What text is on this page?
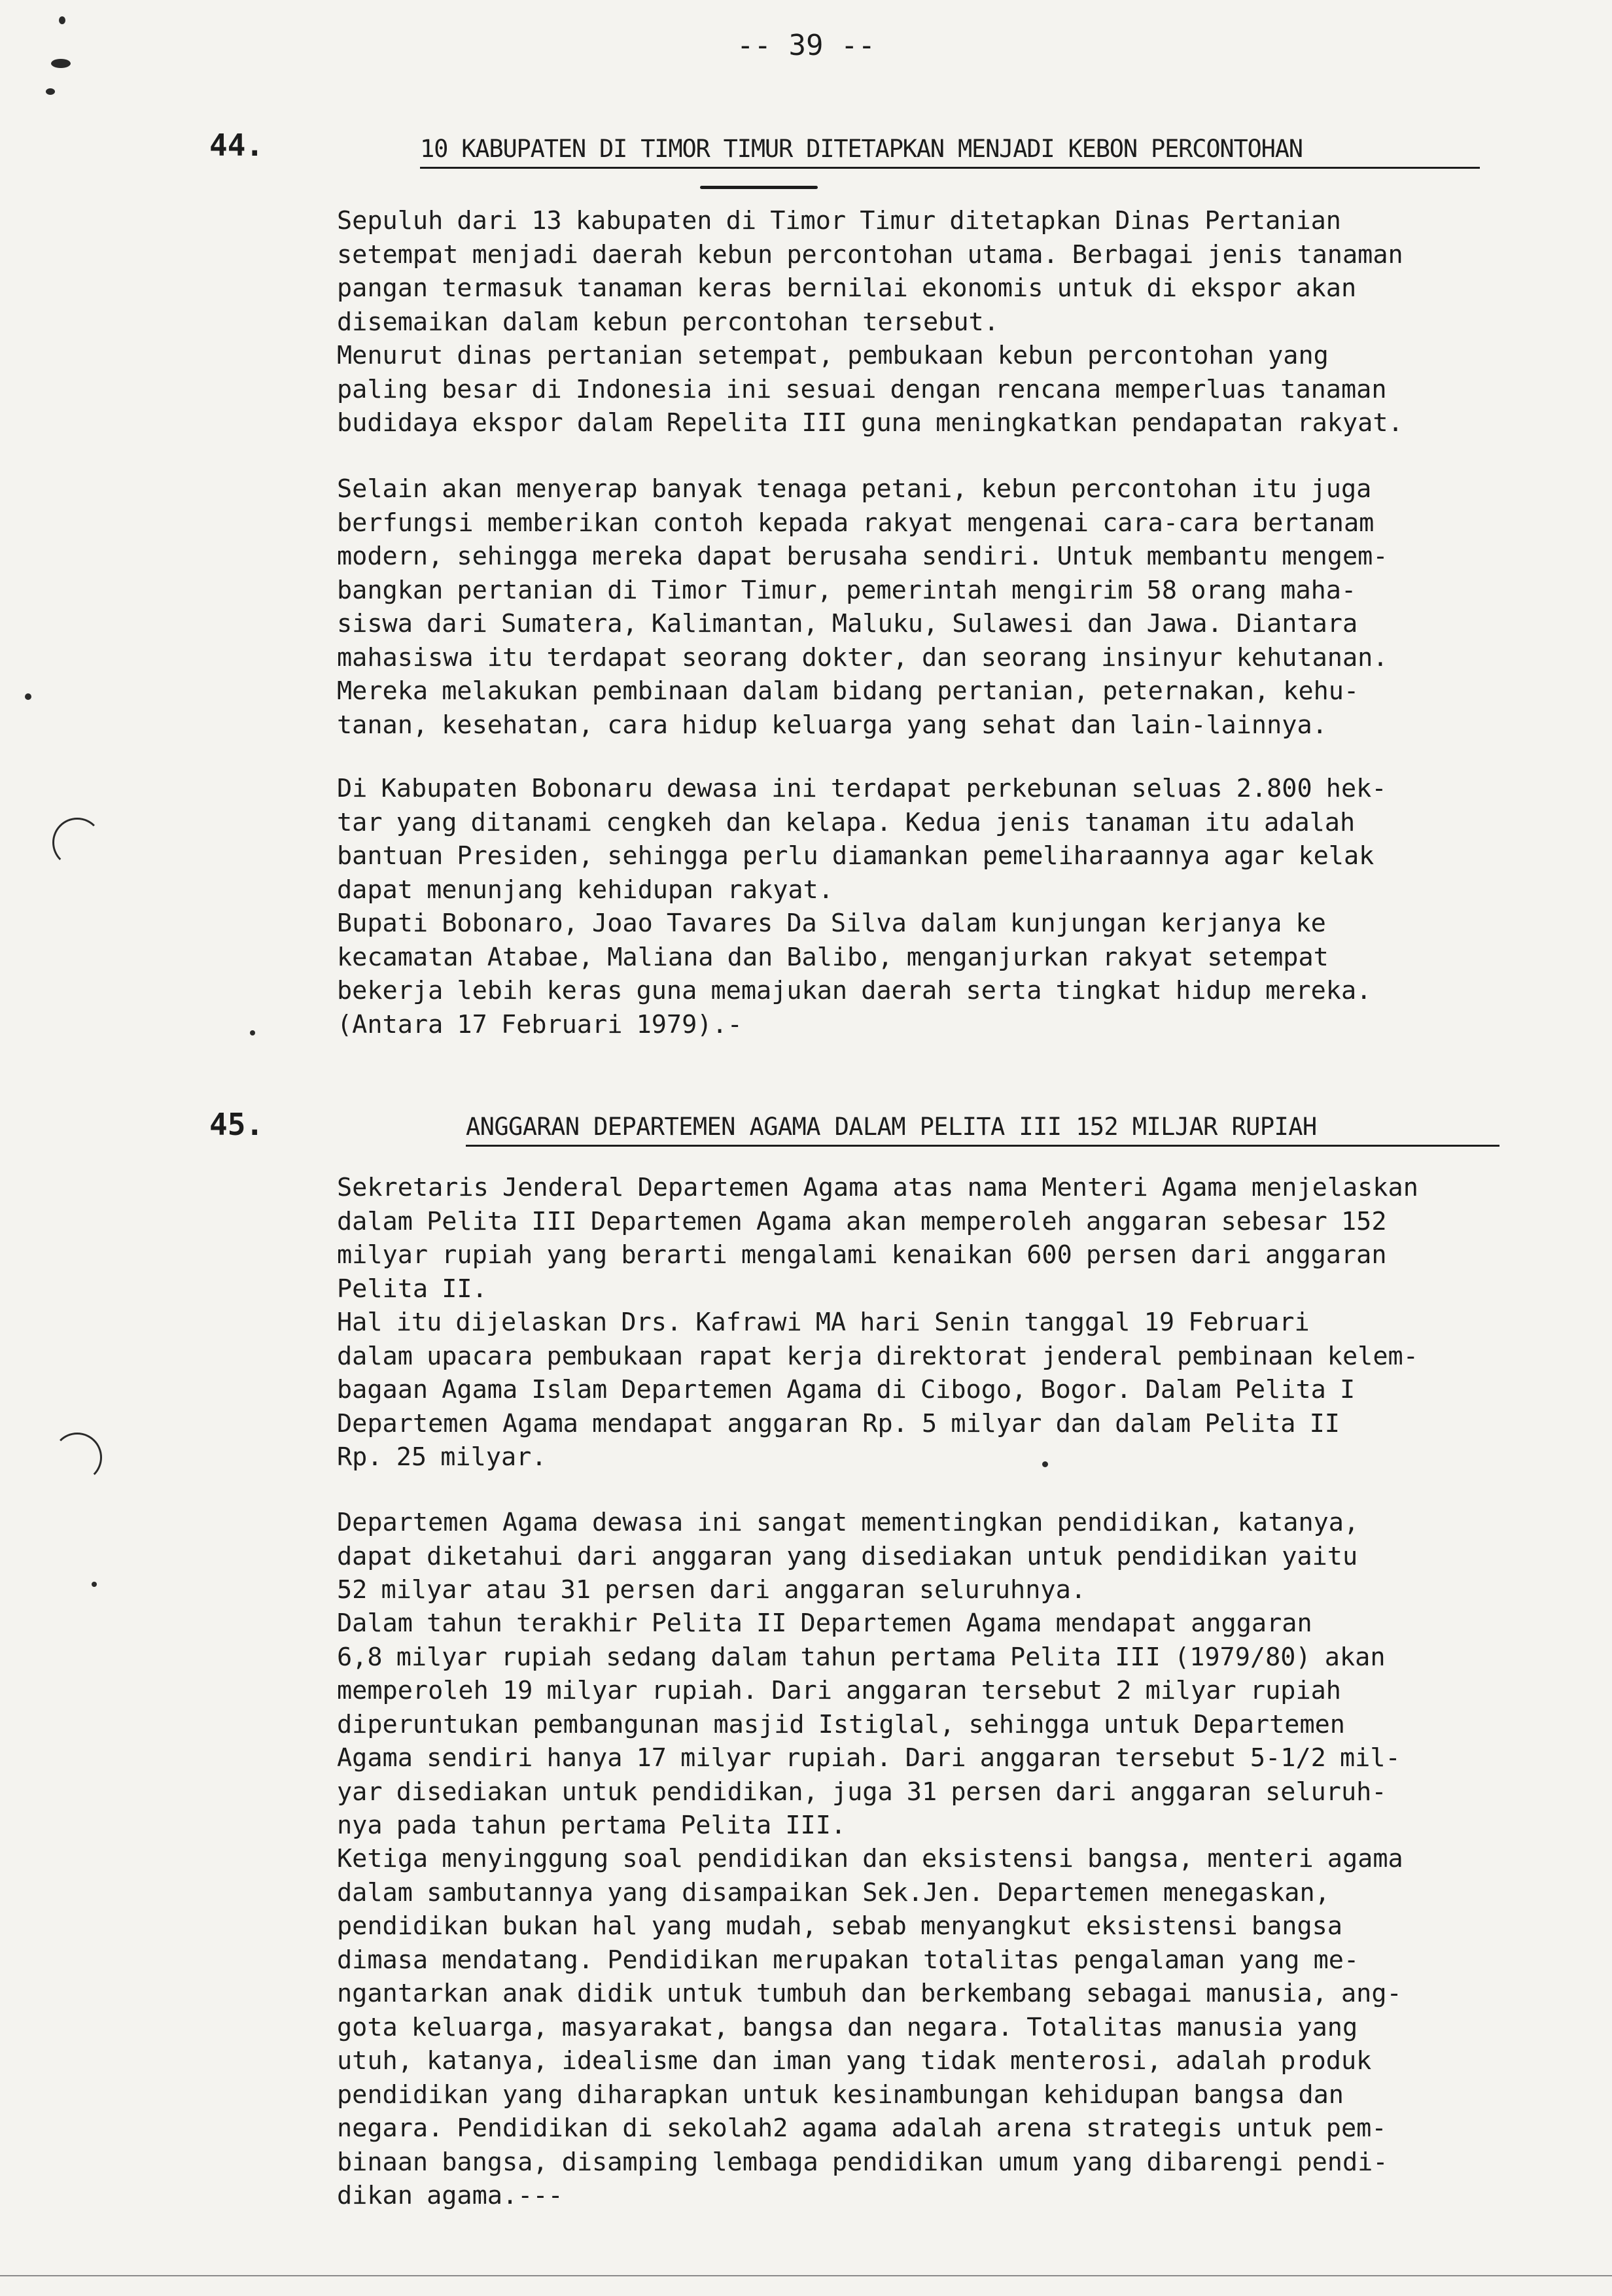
-- 39 --
44.	10 KABUPATEN DI TIMOR TIMUR DITETAPKAN MENJADI KEBON PERCONTOHAN

Sepuluh dari 13 kabupaten di Timor Timur ditetapkan Dinas Pertanian
setempat menjadi daerah kebun percontohan utama. Berbagai jenis tanaman
pangan termasuk tanaman keras bernilai ekonomis untuk di ekspor akan
disemaikan dalam kebun percontohan tersebut.

Menurut dinas pertanian setempat, pembukaan kebun percontohan yang
paling besar di Indonesia ini sesuai dengan rencana memperluas tanaman
budidaya ekspor dalam Repelita III guna meningkatkan pendapatan rakyat.

Selain akan menyerap banyak tenaga petani, kebun percontohan itu juga
berfungsi memberikan contoh kepada rakyat mengenai cara-cara bertanam
modern, sehingga mereka dapat berusaha sendiri. Untuk membantu mengem-
bangkan pertanian di Timor Timur, pemerintah mengirim 58 orang maha-
siswa dari Sumatera, Kalimantan, Maluku, Sulawesi dan Jawa. Diantara
mahasiswa itu terdapat seorang dokter, dan seorang insinyur kehutanan.
Mereka melakukan pembinaan dalam bidang pertanian, peternakan, kehu-
tanan, kesehatan, cara hidup keluarga yang sehat dan lain-lainnya.

Di Kabupaten Bobonaru dewasa ini terdapat perkebunan seluas 2.800 hek-
tar yang ditanami cengkeh dan kelapa. Kedua jenis tanaman itu adalah
bantuan Presiden, sehingga perlu diamankan pemeliharaannya agar kelak
dapat menunjang kehidupan rakyat.

Bupati Bobonaro, Joao Tavares Da Silva dalam kunjungan kerjanya ke
kecamatan Atabae, Maliana dan Balibo, menganjurkan rakyat setempat
bekerja lebih keras guna memajukan daerah serta tingkat hidup mereka.
(Antara 17 Februari 1979).-

45.	ANGGARAN DEPARTEMEN AGAMA DALAM PELITA III 152 MILJAR RUPIAH

Sekretaris Jenderal Departemen Agama atas nama Menteri Agama menjelaskan
dalam Pelita III Departemen Agama akan memperoleh anggaran sebesar 152
milyar rupiah yang berarti mengalami kenaikan 600 persen dari anggaran
Pelita II.

Hal itu dijelaskan Drs. Kafrawi MA hari Senin tanggal 19 Februari
dalam upacara pembukaan rapat kerja direktorat jenderal pembinaan kelem-
bagaan Agama Islam Departemen Agama di Cibogo, Bogor. Dalam Pelita I
Departemen Agama mendapat anggaran Rp. 5 milyar dan dalam Pelita II
Rp. 25 milyar.

Departemen Agama dewasa ini sangat mementingkan pendidikan, katanya,
dapat diketahui dari anggaran yang disediakan untuk pendidikan yaitu
52 milyar atau 31 persen dari anggaran seluruhnya.

Dalam tahun terakhir Pelita II Departemen Agama mendapat anggaran
6,8 milyar rupiah sedang dalam tahun pertama Pelita III (1979/80) akan
memperoleh 19 milyar rupiah. Dari anggaran tersebut 2 milyar rupiah
diperuntukan pembangunan masjid Istiglal, sehingga untuk Departemen
Agama sendiri hanya 17 milyar rupiah. Dari anggaran tersebut 5-1/2 mil-
yar disediakan untuk pendidikan, juga 31 persen dari anggaran seluruh-
nya pada tahun pertama Pelita III.

Ketiga menyinggung soal pendidikan dan eksistensi bangsa, menteri agama
dalam sambutannya yang disampaikan Sek.Jen. Departemen menegaskan,
pendidikan bukan hal yang mudah, sebab menyangkut eksistensi bangsa
dimasa mendatang. Pendidikan merupakan totalitas pengalaman yang me-
ngantarkan anak didik untuk tumbuh dan berkembang sebagai manusia, ang-
gota keluarga, masyarakat, bangsa dan negara. Totalitas manusia yang
utuh, katanya, idealisme dan iman yang tidak menterosi, adalah produk
pendidikan yang diharapkan untuk kesinambungan kehidupan bangsa dan
negara. Pendidikan di sekolah2 agama adalah arena strategis untuk pem-
binaan bangsa, disamping lembaga pendidikan umum yang dibarengi pendi-
dikan agama.---
